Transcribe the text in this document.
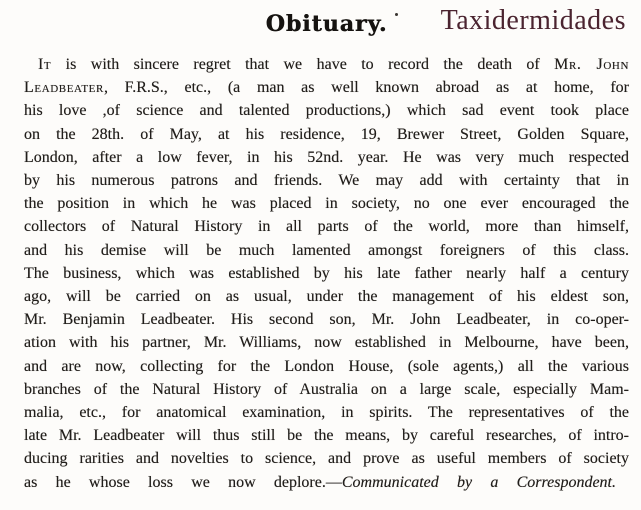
Obituary.	Taxidermidades
It is with sincere regret that we have to record the death of Mr. John
Leadbeater, F.R.S., etc., (a man as well known abroad as at home, for
his love ,of science and talented productions,) which sad event took place
on the 28th. of May, at his residence, 19, Brewer Street, Golden Square,
London, after a low fever, in his 52nd. year. He was very much respected
by his numerous patrons and friends. We may add with certainty that in
the position in which he was placed in society, no one ever encouraged the
collectors of Natural History in all parts of the world, more than himself,
and his demise will be much lamented amongst foreigners of this class.
The business, which was established by his late father nearly half a century
ago, will be carried on as usual, under the management of his eldest son,
Mr. Benjamin Leadbeater. His second son, Mr. John Leadbeater, in co-oper-
ation with his partner, Mr. Williams, now established in Melbourne, have been,
and are now, collecting for the London House, (sole agents,) all the various
branches of the Natural History of Australia on a large scale, especially Mam-
malia, etc., for anatomical examination, in spirits. The representatives of the
late Mr. Leadbeater will thus still be the means, by careful researches, of intro-
ducing rarities and novelties to science, and prove as useful members of society
as he whose loss we now deplore.—Communicated by a Correspondent.
